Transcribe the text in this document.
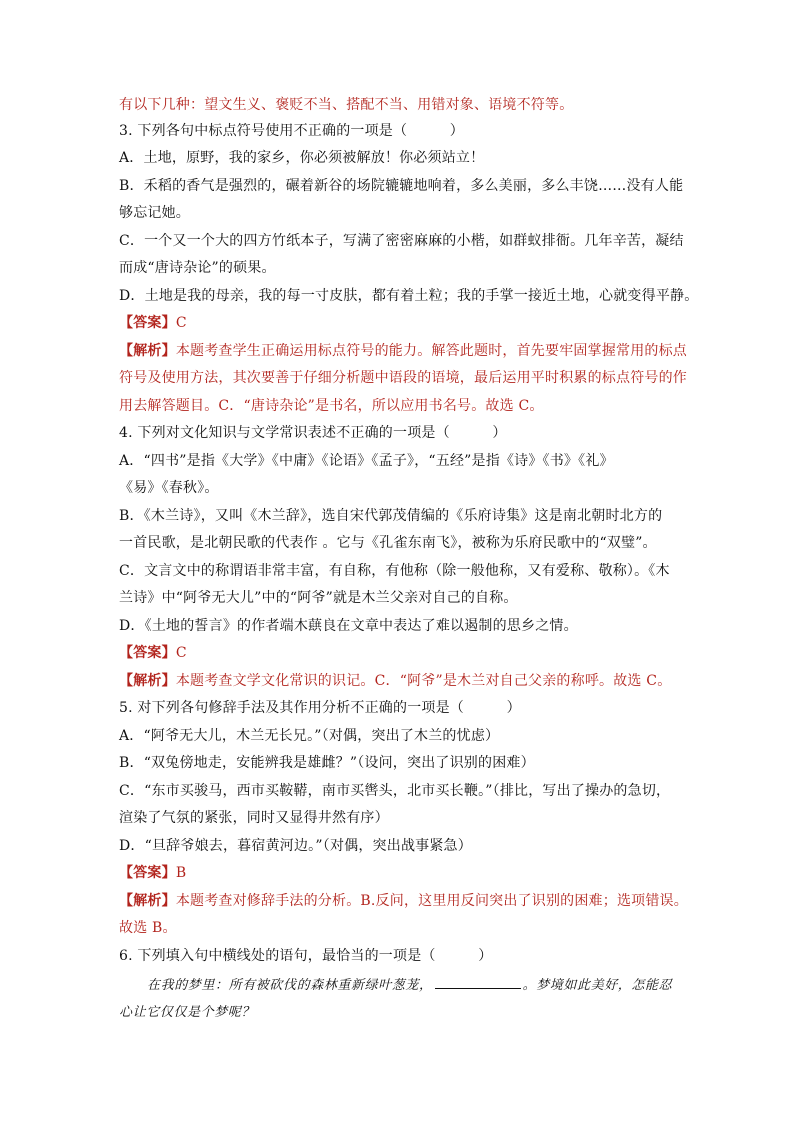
有以下几种：望文生义、褒贬不当、搭配不当、用错对象、语境不符等。
3. 下列各句中标点符号使用不正确的一项是（　　　）
A．土地，原野，我的家乡，你必须被解放！你必须站立！
B．禾稻的香气是强烈的，碾着新谷的场院辘辘地响着，多么美丽，多么丰饶……没有人能
够忘记她。
C．一个又一个大的四方竹纸本子，写满了密密麻麻的小楷，如群蚁排衙。几年辛苦，凝结
而成“唐诗杂论”的硕果。
D．土地是我的母亲，我的每一寸皮肤，都有着土粒；我的手掌一接近土地，心就变得平静。
【答案】C
【解析】本题考查学生正确运用标点符号的能力。解答此题时，首先要牢固掌握常用的标点
符号及使用方法，其次要善于仔细分析题中语段的语境，最后运用平时积累的标点符号的作
用去解答题目。C．“唐诗杂论”是书名，所以应用书名号。故选 C。
4. 下列对文化知识与文学常识表述不正确的一项是（　　　）
A．“四书”是指《大学》《中庸》《论语》《孟子》，“五经”是指《诗》《书》《礼》
《易》《春秋》。
B．《木兰诗》，又叫《木兰辞》，选自宋代郭茂倩编的《乐府诗集》这是南北朝时北方的
一首民歌，是北朝民歌的代表作 。它与《孔雀东南飞》，被称为乐府民歌中的“双璧”。
C．文言文中的称谓语非常丰富，有自称，有他称（除一般他称，又有爱称、敬称）。《木
兰诗》中“阿爷无大儿”中的“阿爷”就是木兰父亲对自己的自称。
D．《土地的誓言》的作者端木蕻良在文章中表达了难以遏制的思乡之情。
【答案】C
【解析】本题考查文学文化常识的识记。C．“阿爷”是木兰对自己父亲的称呼。故选 C。
5. 对下列各句修辞手法及其作用分析不正确的一项是（　　　）
A．“阿爷无大儿，木兰无长兄。”（对偶，突出了木兰的忧虑）
B．“双兔傍地走，安能辨我是雄雌？”（设问，突出了识别的困难）
C．“东市买骏马，西市买鞍鞯，南市买辔头，北市买长鞭。”（排比，写出了操办的急切，
渲染了气氛的紧张，同时又显得井然有序）
D．“旦辞爷娘去，暮宿黄河边。”（对偶，突出战事紧急）
【答案】B
【解析】本题考查对修辞手法的分析。B.反问，这里用反问突出了识别的困难；选项错误。
故选 B。
6. 下列填入句中横线处的语句，最恰当的一项是（　　　）
在我的梦里：所有被砍伐的森林重新绿叶葱茏，	。梦境如此美好，怎能忍
心让它仅仅是个梦呢？
